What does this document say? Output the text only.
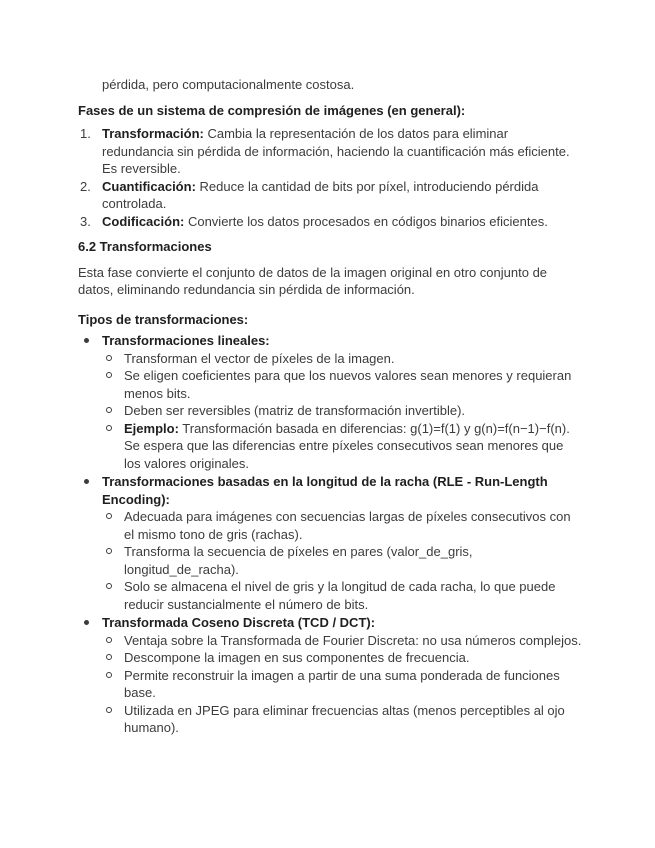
pérdida, pero computacionalmente costosa.

Fases de un sistema de compresión de imágenes (en general):

1. Transformación: Cambia la representación de los datos para eliminar redundancia sin pérdida de información, haciendo la cuantificación más eficiente. Es reversible.
2. Cuantificación: Reduce la cantidad de bits por píxel, introduciendo pérdida controlada.
3. Codificación: Convierte los datos procesados en códigos binarios eficientes.

6.2 Transformaciones

Esta fase convierte el conjunto de datos de la imagen original en otro conjunto de datos, eliminando redundancia sin pérdida de información.

Tipos de transformaciones:

Transformaciones lineales:
Transforman el vector de píxeles de la imagen.
Se eligen coeficientes para que los nuevos valores sean menores y requieran menos bits.
Deben ser reversibles (matriz de transformación invertible).
Ejemplo: Transformación basada en diferencias: g(1)=f(1) y g(n)=f(n−1)−f(n). Se espera que las diferencias entre píxeles consecutivos sean menores que los valores originales.
Transformaciones basadas en la longitud de la racha (RLE - Run-Length Encoding):
Adecuada para imágenes con secuencias largas de píxeles consecutivos con el mismo tono de gris (rachas).
Transforma la secuencia de píxeles en pares (valor_de_gris, longitud_de_racha).
Solo se almacena el nivel de gris y la longitud de cada racha, lo que puede reducir sustancialmente el número de bits.
Transformada Coseno Discreta (TCD / DCT):
Ventaja sobre la Transformada de Fourier Discreta: no usa números complejos.
Descompone la imagen en sus componentes de frecuencia.
Permite reconstruir la imagen a partir de una suma ponderada de funciones base.
Utilizada en JPEG para eliminar frecuencias altas (menos perceptibles al ojo humano).
